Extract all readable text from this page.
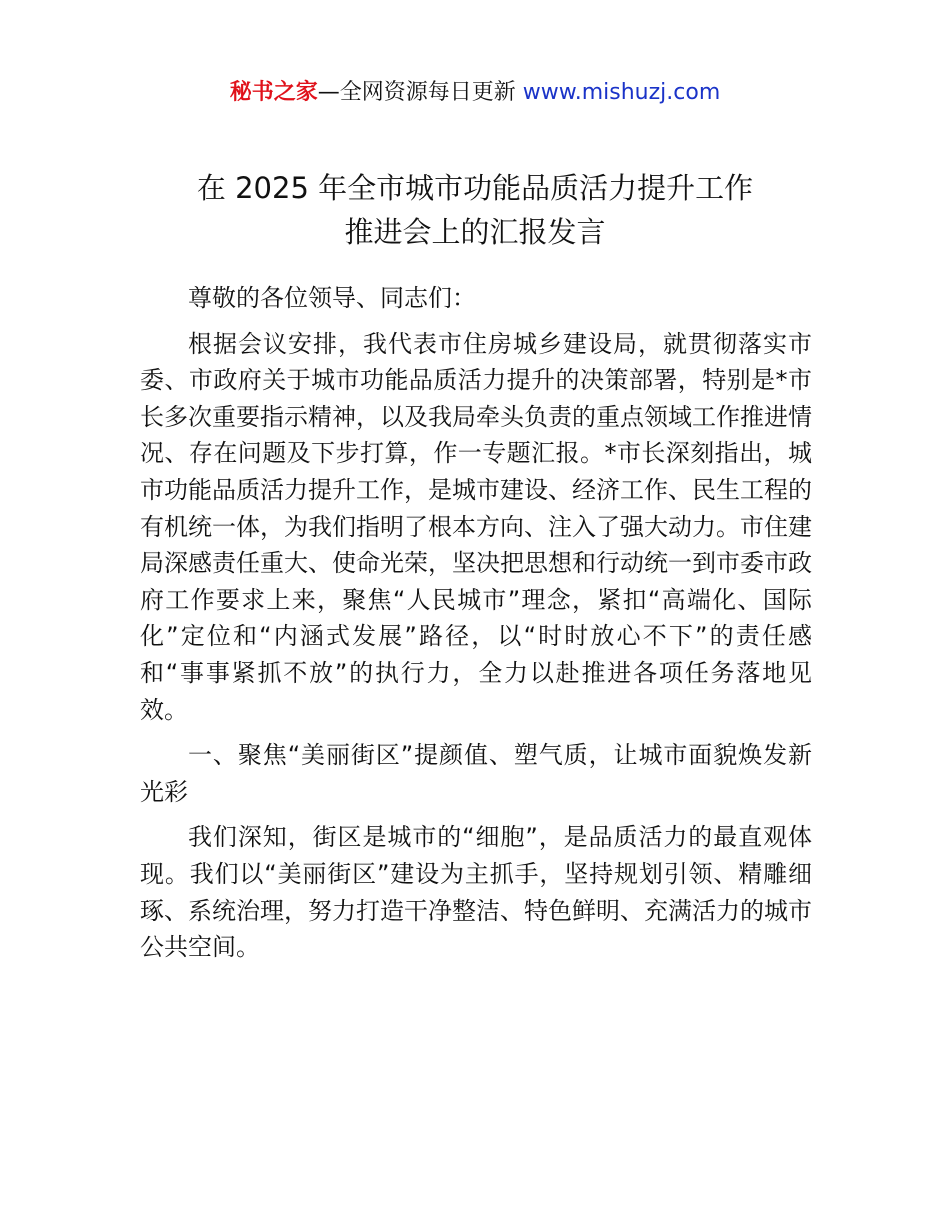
秘书之家—全网资源每日更新 www.mishuzj.com
在 2025 年全市城市功能品质活力提升工作
推进会上的汇报发言

尊敬的各位领导、同志们：

根据会议安排，我代表市住房城乡建设局，就贯彻落实市委、市政府关于城市功能品质活力提升的决策部署，特别是*市长多次重要指示精神，以及我局牵头负责的重点领域工作推进情况、存在问题及下步打算，作一专题汇报。*市长深刻指出，城市功能品质活力提升工作，是城市建设、经济工作、民生工程的有机统一体，为我们指明了根本方向、注入了强大动力。市住建局深感责任重大、使命光荣，坚决把思想和行动统一到市委市政府工作要求上来，聚焦“人民城市”理念，紧扣“高端化、国际化”定位和“内涵式发展”路径，以“时时放心不下”的责任感和“事事紧抓不放”的执行力，全力以赴推进各项任务落地见效。

一、聚焦“美丽街区”提颜值、塑气质，让城市面貌焕发新光彩

我们深知，街区是城市的“细胞”，是品质活力的最直观体现。我们以“美丽街区”建设为主抓手，坚持规划引领、精雕细琢、系统治理，努力打造干净整洁、特色鲜明、充满活力的城市公共空间。
